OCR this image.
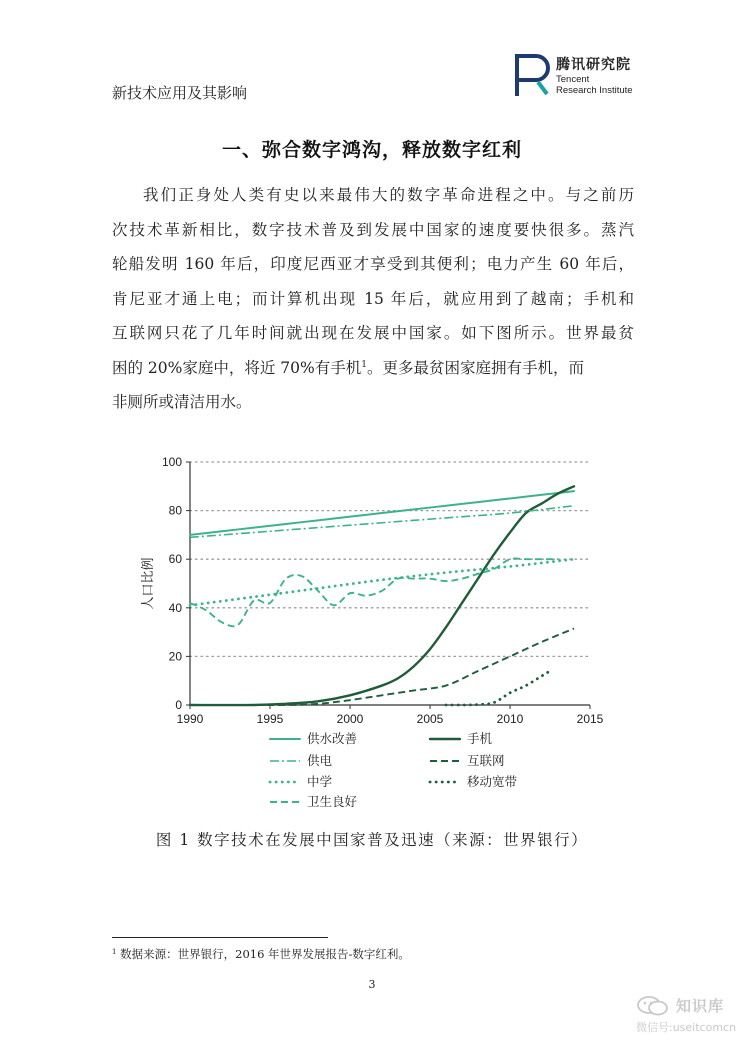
新技术应用及其影响
腾讯研究院
Tencent
Research Institute
一、弥合数字鸿沟，释放数字红利
我们正身处人类有史以来最伟大的数字革命进程之中。与之前历
次技术革新相比，数字技术普及到发展中国家的速度要快很多。蒸汽
轮船发明 160 年后，印度尼西亚才享受到其便利；电力产生 60 年后，
肯尼亚才通上电；而计算机出现 15 年后，就应用到了越南；手机和
互联网只花了几年时间就出现在发展中国家。如下图所示。世界最贫
困的 20%家庭中，将近 70%有手机$^1$。更多最贫困家庭拥有手机，而
非厕所或清洁用水。
1990	1995	2000	2005	2010	2015
0
20
40
60
80
100
人口比例
供水改善	手机
供电	互联网
中学	移动宽带
卫生良好
图 1 数字技术在发展中国家普及迅速（来源：世界银行）
$^1$ 数据来源：世界银行，2016 年世界发展报告-数字红利。
3
知识库
微信号:useitcomcn
